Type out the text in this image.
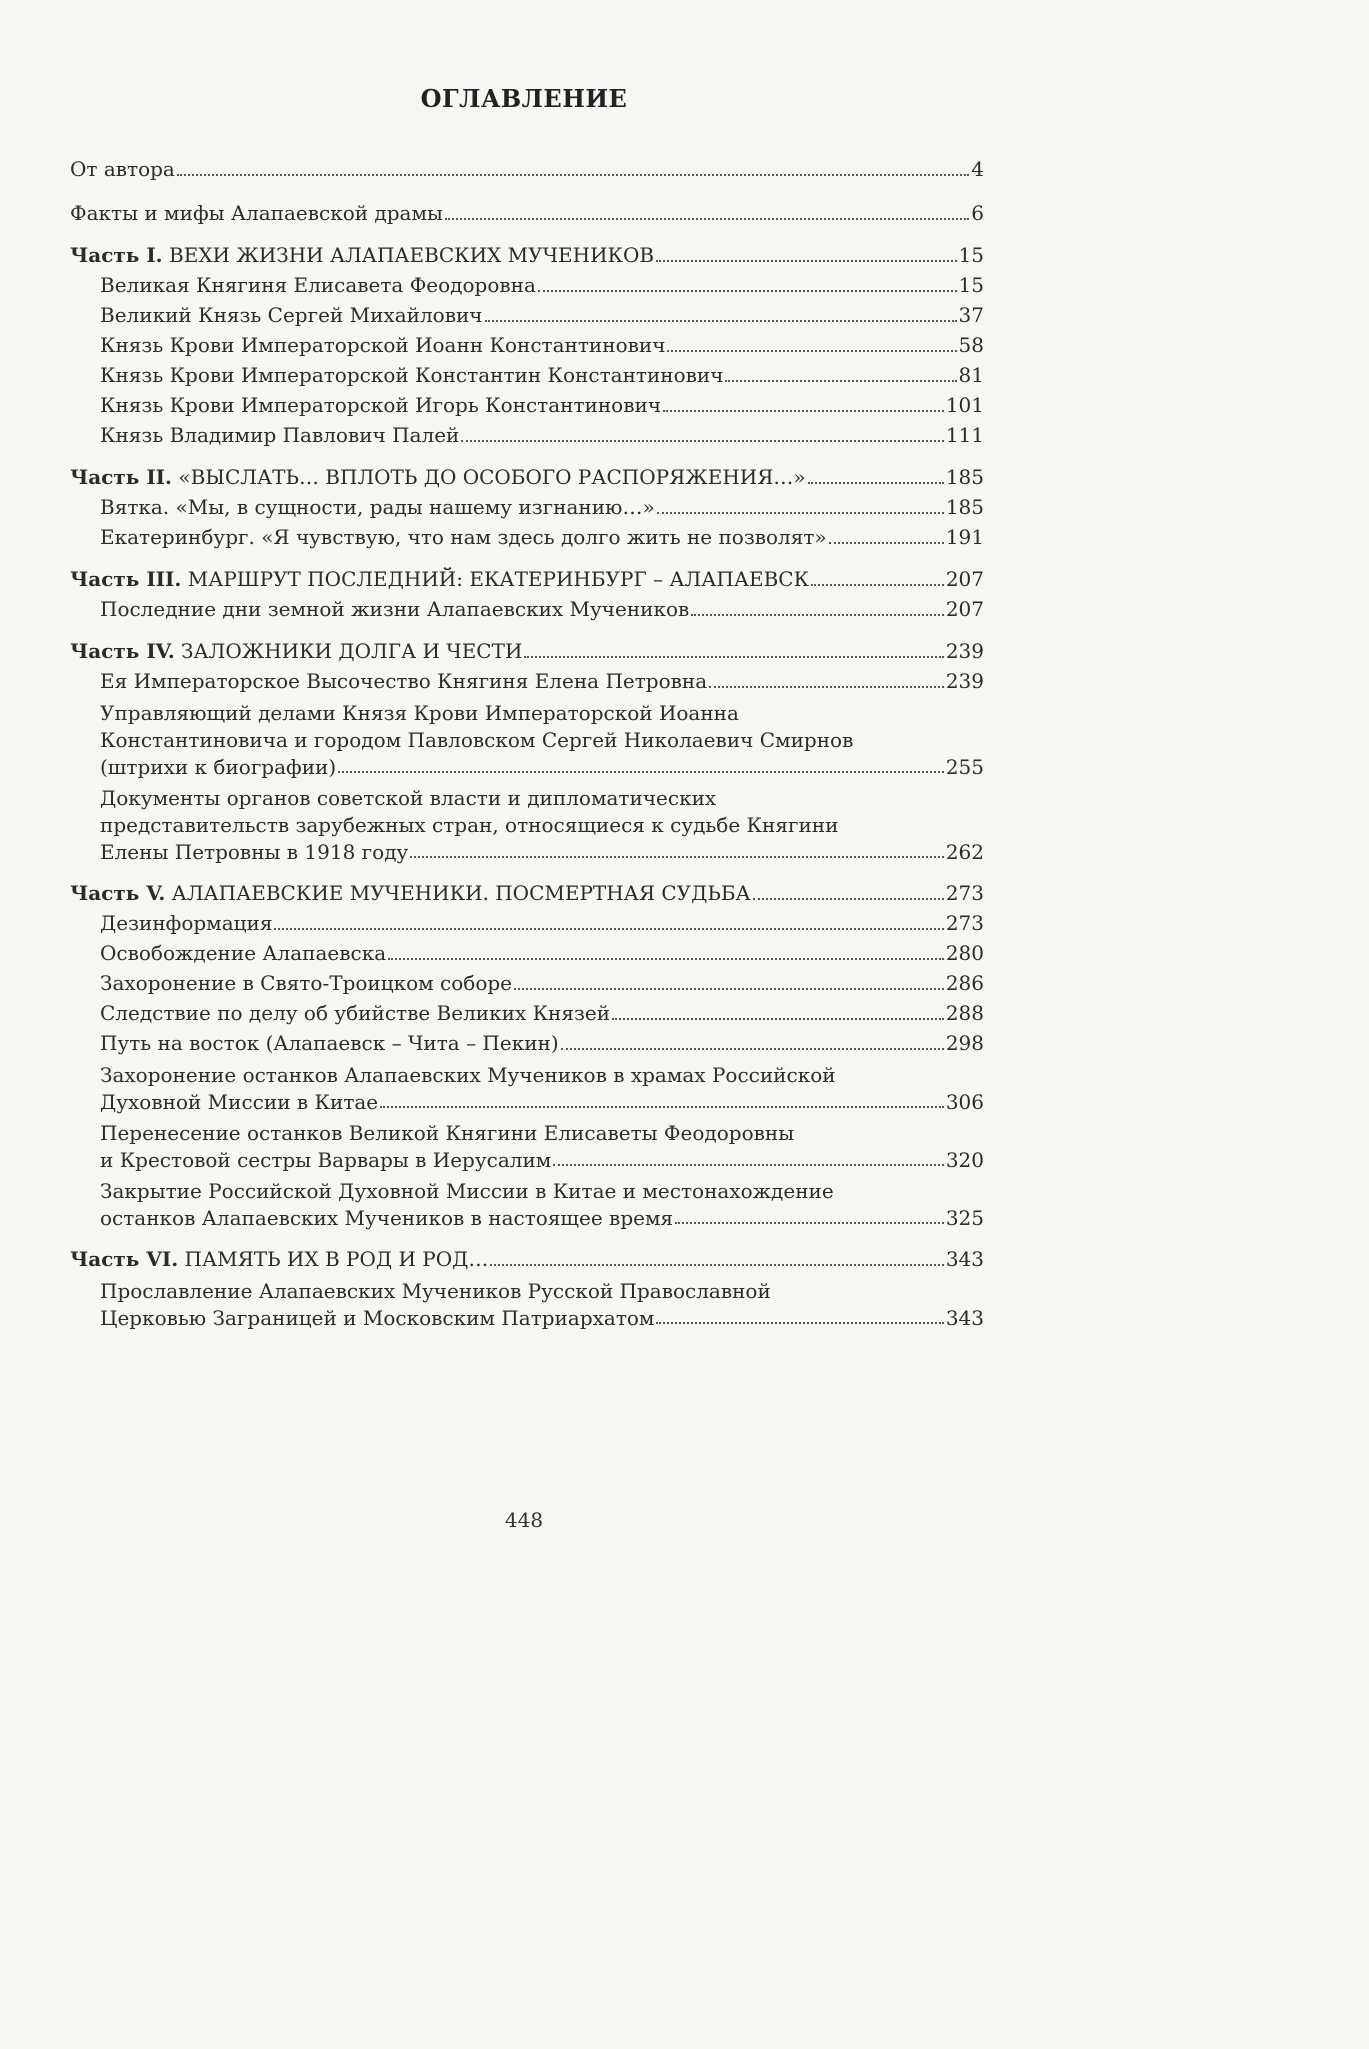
ОГЛАВЛЕНИЕ
От автора	4
Факты и мифы Алапаевской драмы	6
Часть I. ВЕХИ ЖИЗНИ АЛАПАЕВСКИХ МУЧЕНИКОВ	15
Великая Княгиня Елисавета Феодоровна	15
Великий Князь Сергей Михайлович	37
Князь Крови Императорской Иоанн Константинович	58
Князь Крови Императорской Константин Константинович	81
Князь Крови Императорской Игорь Константинович	101
Князь Владимир Павлович Палей	111
Часть II. «ВЫСЛАТЬ… ВПЛОТЬ ДО ОСОБОГО РАСПОРЯЖЕНИЯ…»	185
Вятка. «Мы, в сущности, рады нашему изгнанию…»	185
Екатеринбург. «Я чувствую, что нам здесь долго жить не позволят»	191
Часть III. МАРШРУТ ПОСЛЕДНИЙ: ЕКАТЕРИНБУРГ – АЛАПАЕВСК	207
Последние дни земной жизни Алапаевских Мучеников	207
Часть IV. ЗАЛОЖНИКИ ДОЛГА И ЧЕСТИ	239
Ея Императорское Высочество Княгиня Елена Петровна	239
Управляющий делами Князя Крови Императорской Иоанна
Константиновича и городом Павловском Сергей Николаевич Смирнов
(штрихи к биографии)	255
Документы органов советской власти и дипломатических
представительств зарубежных стран, относящиеся к судьбе Княгини
Елены Петровны в 1918 году	262
Часть V. АЛАПАЕВСКИЕ МУЧЕНИКИ. ПОСМЕРТНАЯ СУДЬБА	273
Дезинформация	273
Освобождение Алапаевска	280
Захоронение в Свято-Троицком соборе	286
Следствие по делу об убийстве Великих Князей	288
Путь на восток (Алапаевск – Чита – Пекин)	298
Захоронение останков Алапаевских Мучеников в храмах Российской
Духовной Миссии в Китае	306
Перенесение останков Великой Княгини Елисаветы Феодоровны
и Крестовой сестры Варвары в Иерусалим	320
Закрытие Российской Духовной Миссии в Китае и местонахождение
останков Алапаевских Мучеников в настоящее время	325
Часть VI. ПАМЯТЬ ИХ В РОД И РОД…	343
Прославление Алапаевских Мучеников Русской Православной
Церковью Заграницей и Московским Патриархатом	343
448
